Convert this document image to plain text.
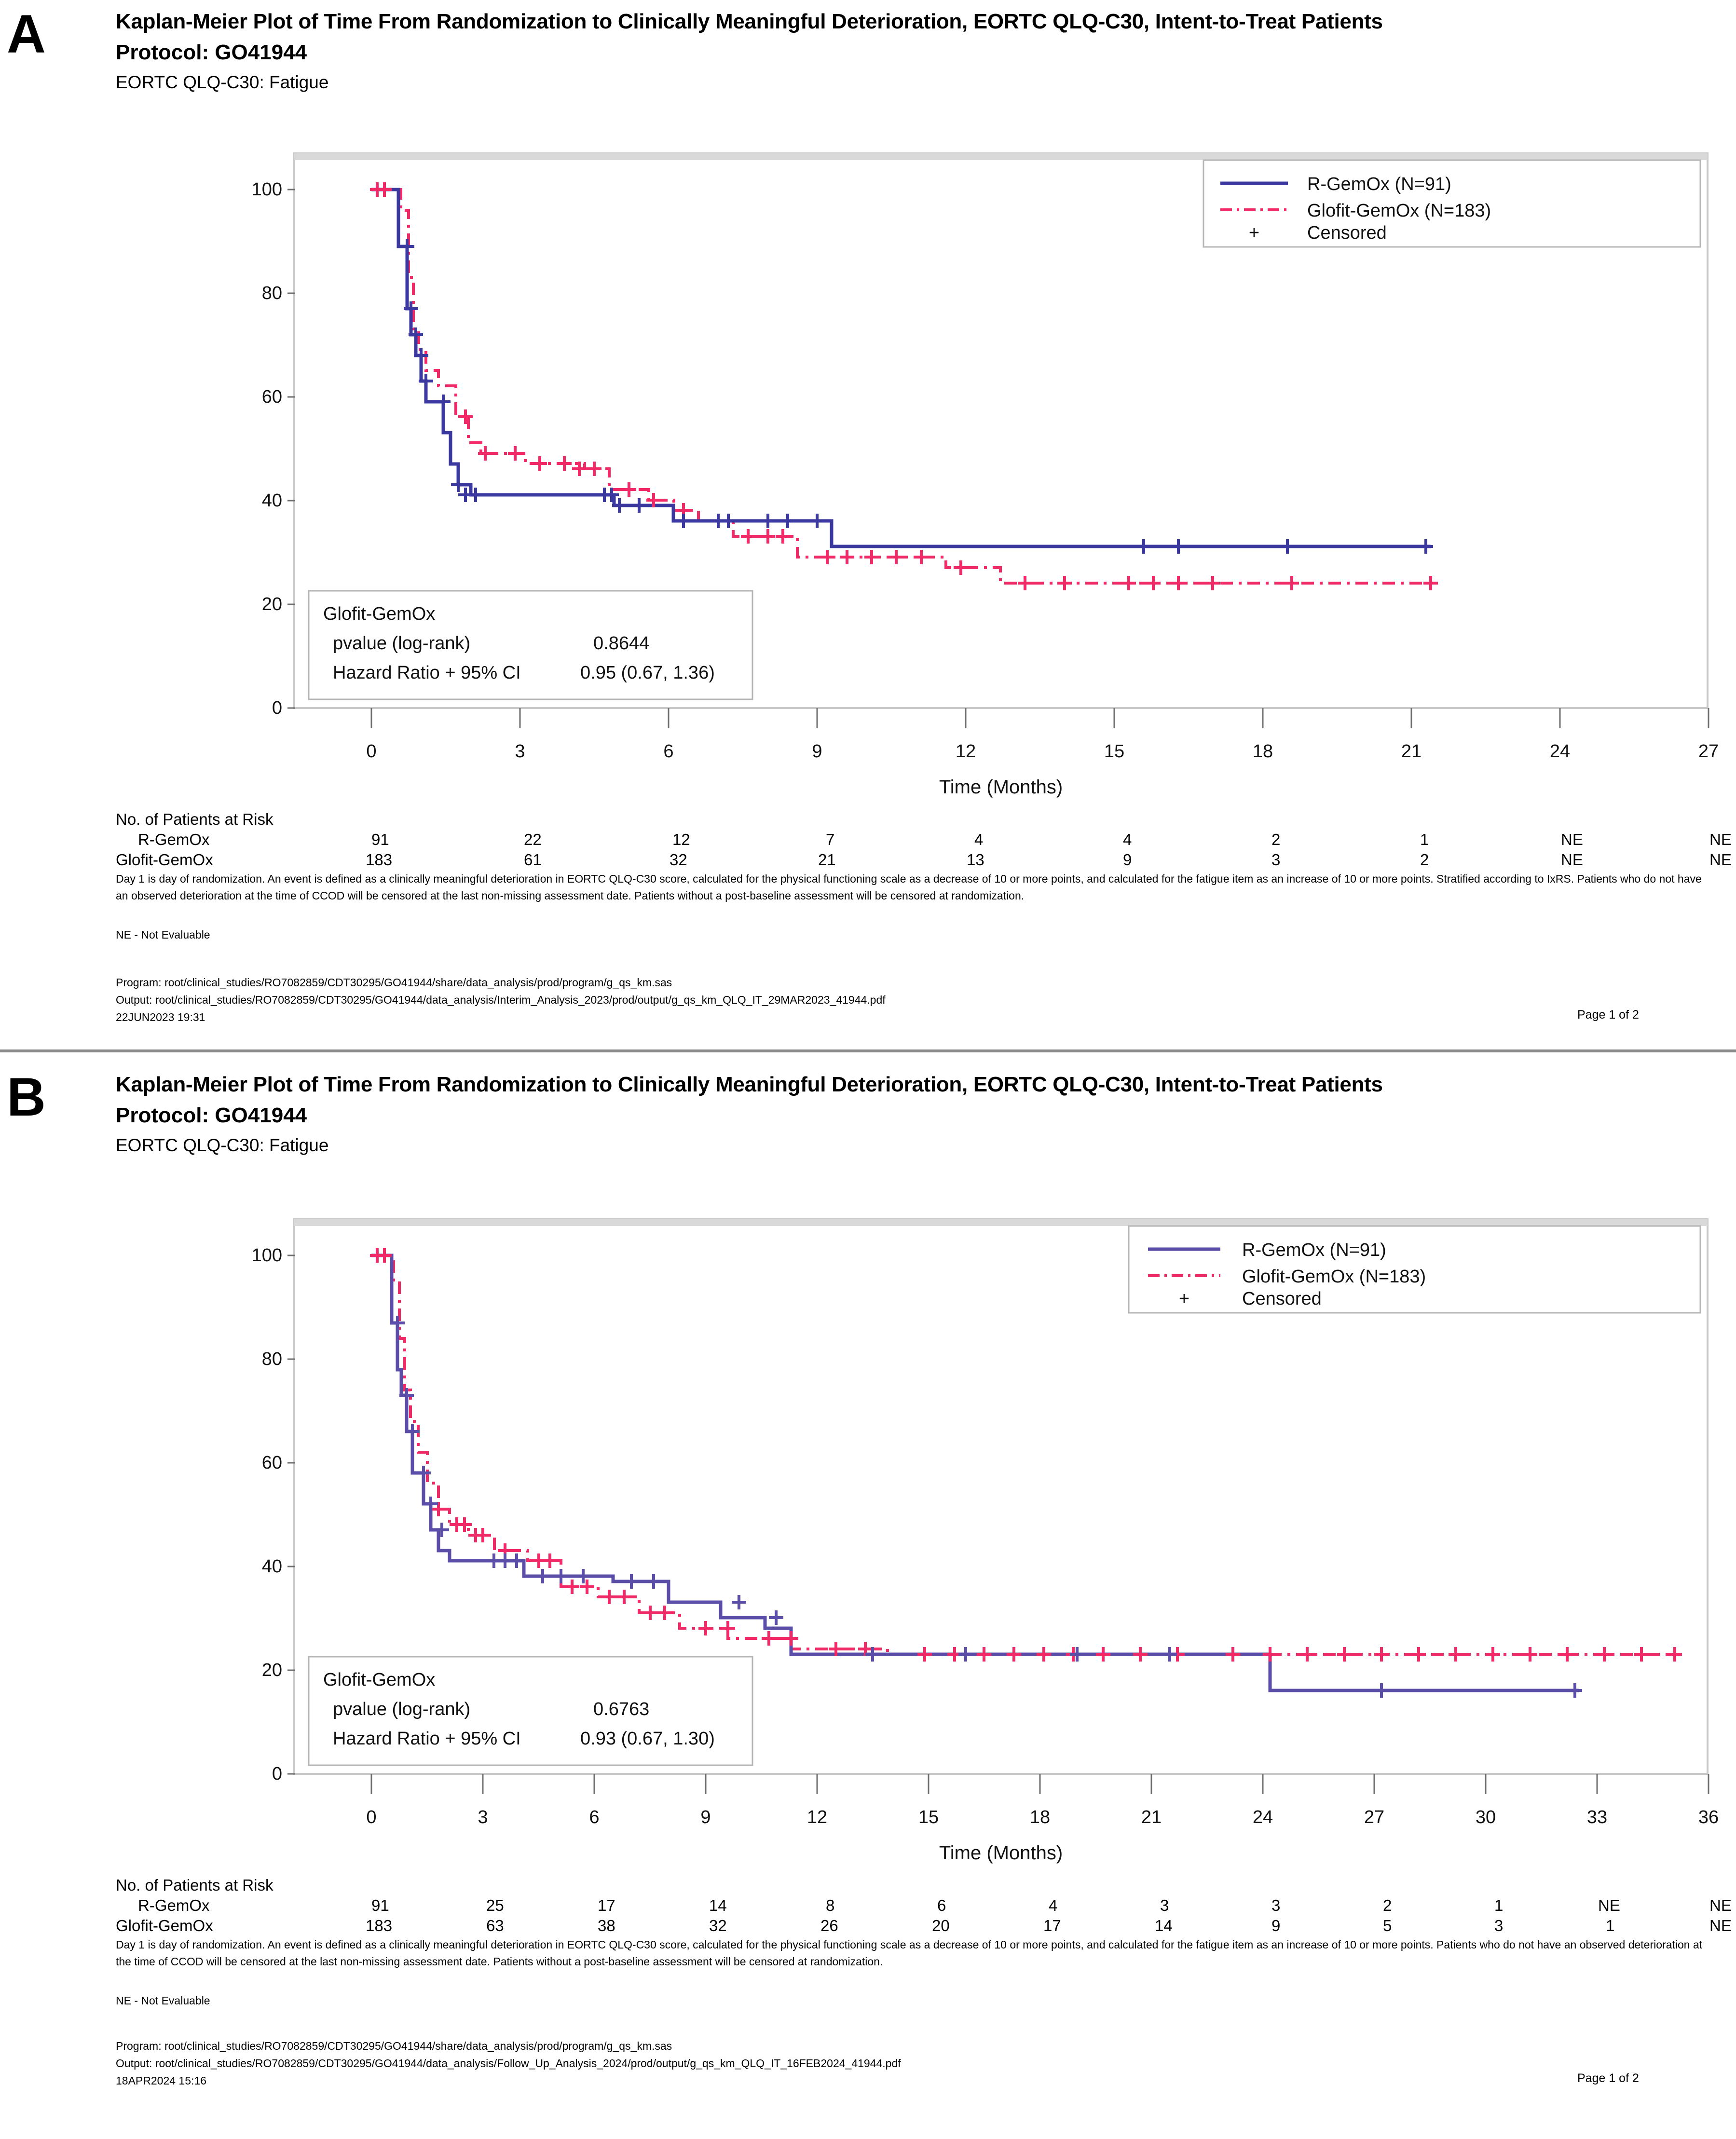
A	Kaplan-Meier Plot of Time From Randomization to Clinically Meaningful Deterioration, EORTC QLQ-C30, Intent-to-Treat Patients
Protocol: GO41944
EORTC QLQ-C30: Fatigue
0
20
40
60
80
100
0	3	6	9	12	15	18	21	24	27
Time (Months)
R-GemOx (N=91)
Glofit-GemOx (N=183)
+	Censored
Glofit-GemOx
pvalue (log-rank)	0.8644
Hazard Ratio + 95% CI	0.95 (0.67, 1.36)
No. of Patients at Risk
R-GemOx	91	22	12	7	4	4	2	1	NE	NE
Glofit-GemOx	183	61	32	21	13	9	3	2	NE	NE
Day 1 is day of randomization. An event is defined as a clinically meaningful deterioration in EORTC QLQ-C30 score, calculated for the physical functioning scale as a decrease of 10 or more points, and calculated for the fatigue item as an increase of 10 or more points. Stratified according to IxRS. Patients who do not have an observed deterioration at the time of CCOD will be censored at the last non-missing assessment date. Patients without a post-baseline assessment will be censored at randomization.
NE - Not Evaluable
Program: root/clinical_studies/RO7082859/CDT30295/GO41944/share/data_analysis/prod/program/g_qs_km.sas
Output: root/clinical_studies/RO7082859/CDT30295/GO41944/data_analysis/Interim_Analysis_2023/prod/output/g_qs_km_QLQ_IT_29MAR2023_41944.pdf
22JUN2023 19:31	Page 1 of 2
B	Kaplan-Meier Plot of Time From Randomization to Clinically Meaningful Deterioration, EORTC QLQ-C30, Intent-to-Treat Patients
Protocol: GO41944
EORTC QLQ-C30: Fatigue
0
20
40
60
80
100
0	3	6	9	12	15	18	21	24	27	30	33	36
Time (Months)
R-GemOx (N=91)
Glofit-GemOx (N=183)
+	Censored
Glofit-GemOx
pvalue (log-rank)	0.6763
Hazard Ratio + 95% CI	0.93 (0.67, 1.30)
No. of Patients at Risk
R-GemOx	91	25	17	14	8	6	4	3	3	2	1	NE	NE
Glofit-GemOx	183	63	38	32	26	20	17	14	9	5	3	1	NE
Day 1 is day of randomization. An event is defined as a clinically meaningful deterioration in EORTC QLQ-C30 score, calculated for the physical functioning scale as a decrease of 10 or more points, and calculated for the fatigue item as an increase of 10 or more points. Patients who do not have an observed deterioration at the time of CCOD will be censored at the last non-missing assessment date. Patients without a post-baseline assessment will be censored at randomization.
NE - Not Evaluable
Program: root/clinical_studies/RO7082859/CDT30295/GO41944/share/data_analysis/prod/program/g_qs_km.sas
Output: root/clinical_studies/RO7082859/CDT30295/GO41944/data_analysis/Follow_Up_Analysis_2024/prod/output/g_qs_km_QLQ_IT_16FEB2024_41944.pdf
18APR2024 15:16	Page 1 of 2
